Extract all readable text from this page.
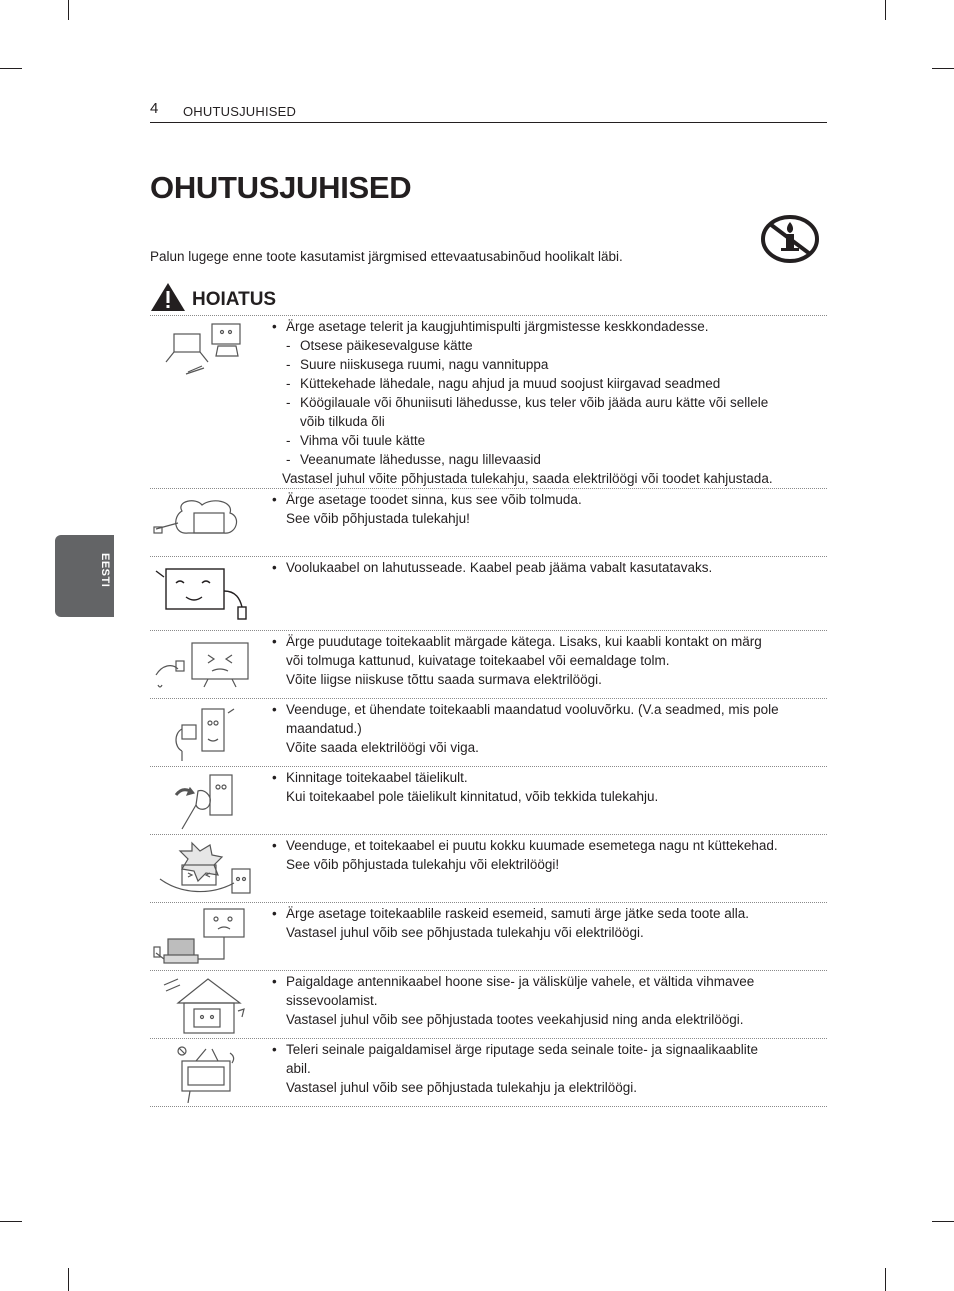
4 OHUTUSJUHISED
OHUTUSJUHISED
Palun lugege enne toote kasutamist järgmised ettevaatusabinõud hoolikalt läbi.
HOIATUS
EESTI
• Ärge asetage telerit ja kaugjuhtimispulti järgmistesse keskkondadesse.
- Otsese päikesevalguse kätte
- Suure niiskusega ruumi, nagu vannituppa
- Küttekehade lähedale, nagu ahjud ja muud soojust kiirgavad seadmed
- Köögilauale või õhuniisuti lähedusse, kus teler võib jääda auru kätte või sellele
võib tilkuda õli
- Vihma või tuule kätte
- Veeanumate lähedusse, nagu lillevaasid
Vastasel juhul võite põhjustada tulekahju, saada elektrilöögi või toodet kahjustada.
• Ärge asetage toodet sinna, kus see võib tolmuda.
See võib põhjustada tulekahju!
• Voolukaabel on lahutusseade. Kaabel peab jääma vabalt kasutatavaks.
• Ärge puudutage toitekaablit märgade kätega. Lisaks, kui kaabli kontakt on märg
või tolmuga kattunud, kuivatage toitekaabel või eemaldage tolm.
Võite liigse niiskuse tõttu saada surmava elektrilöögi.
• Veenduge, et ühendate toitekaabli maandatud vooluvõrku. (V.a seadmed, mis pole
maandatud.)
Võite saada elektrilöögi või viga.
• Kinnitage toitekaabel täielikult.
Kui toitekaabel pole täielikult kinnitatud, võib tekkida tulekahju.
• Veenduge, et toitekaabel ei puutu kokku kuumade esemetega nagu nt küttekehad.
See võib põhjustada tulekahju või elektrilöögi!
• Ärge asetage toitekaablile raskeid esemeid, samuti ärge jätke seda toote alla.
Vastasel juhul võib see põhjustada tulekahju või elektrilöögi.
• Paigaldage antennikaabel hoone sise- ja väliskülje vahele, et vältida vihmavee
sissevoolamist.
Vastasel juhul võib see põhjustada tootes veekahjusid ning anda elektrilöögi.
• Teleri seinale paigaldamisel ärge riputage seda seinale toite- ja signaalikaablite
abil.
Vastasel juhul võib see põhjustada tulekahju ja elektrilöögi.
